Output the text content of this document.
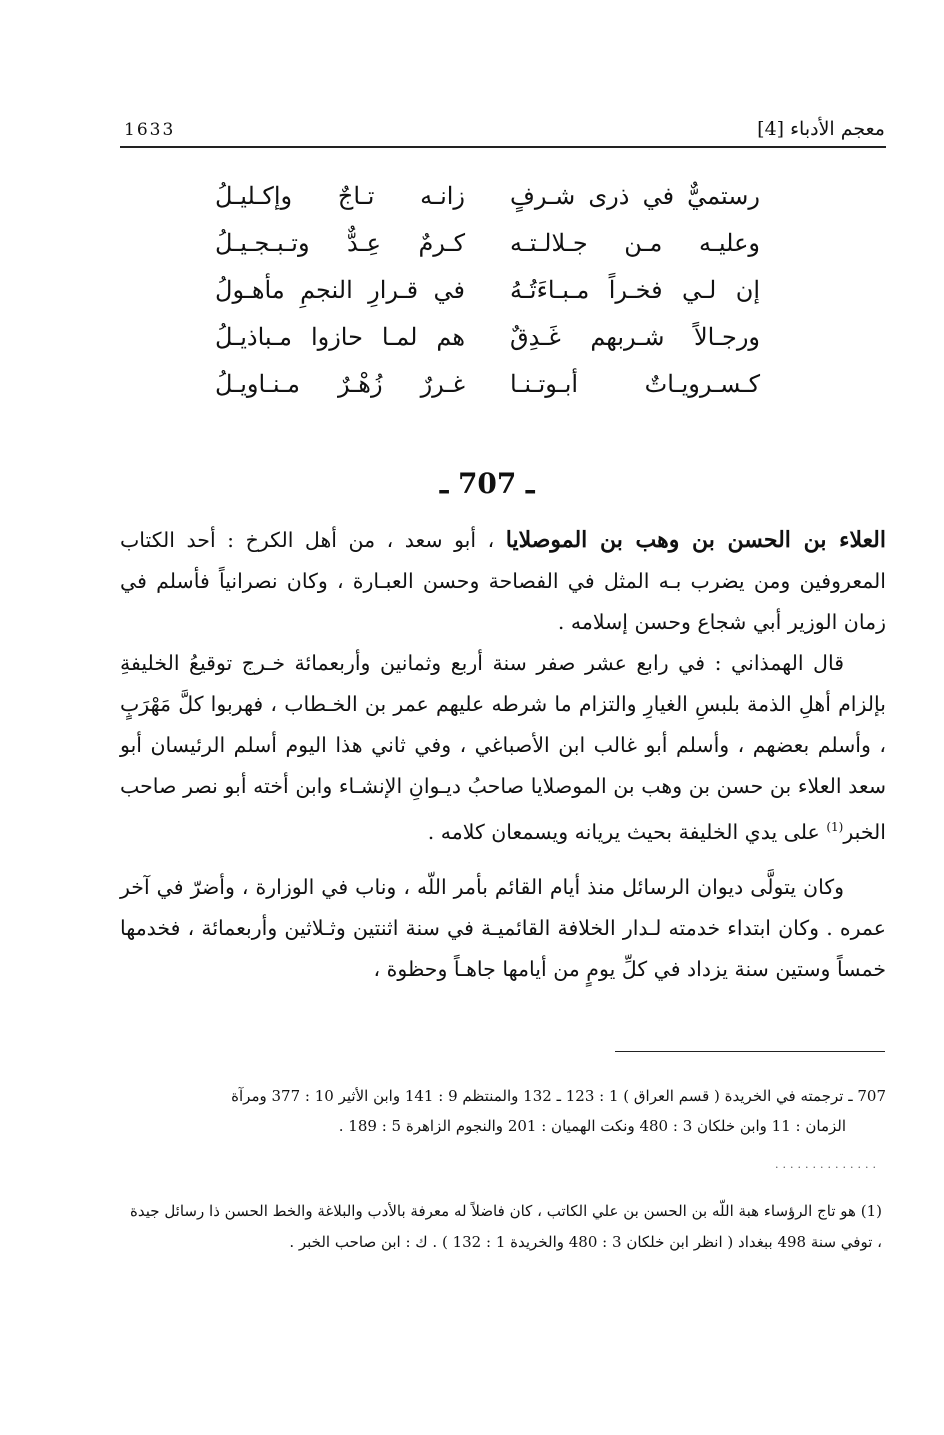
1633	معجم الأدباء [4]
رستميٌّ في ذرى شـرفٍ
زانـه تـاجٌ وإكـليـلُ
وعليـه مـن جـلالـتـه
كـرمٌ عِـدٌّ وتـبـجـيـلُ
إن لـي فخـراً مـبـاءَتُـهُ
في قـرارِ النجمِ مأهـولُ
ورجـالاً شـربهم غَـدِقٌ
هم لمـا حازوا مـباذيـلُ
كـسـرويـاتٌ أبـوتـنـا
غـررٌ زُهْـرٌ مـنـاويـلُ
ـ 707 ـ

العلاء بن الحسن بن وهب بن الموصلايا ، أبو سعد ، من أهل الكرخ : أحد الكتاب المعروفين ومن يضرب بـه المثل في الفصاحة وحسن العبـارة ، وكان نصرانياً فأسلم في زمان الوزير أبي شجاع وحسن إسلامه .

قال الهمذاني : في رابع عشر صفر سنة أربع وثمانين وأربعمائة خـرج توقيعُ الخليفةِ بإلزام أهلِ الذمة بلبسِ الغيارِ والتزام ما شرطه عليهم عمر بن الخـطاب ، فهربوا كلَّ مَهْرَبٍ ، وأسلم بعضهم ، وأسلم أبو غالب ابن الأصباغي ، وفي ثاني هذا اليوم أسلم الرئيسان أبو سعد العلاء بن حسن بن وهب بن الموصلايا صاحبُ ديـوانِ الإنشـاء وابن أخته أبو نصر صاحب الخبر$^{(1)}$ على يدي الخليفة بحيث يريانه ويسمعان كلامه .

وكان يتولَّى ديوان الرسائل منذ أيام القائم بأمر اللّه ، وناب في الوزارة ، وأضرّ في آخر عمره . وكان ابتداء خدمته لـدار الخلافة القائميـة في سنة اثنتين وثـلاثين وأربعمائة ، فخدمها خمساً وستين سنة يزداد في كلِّ يومٍ من أيامها جاهـاً وحظوة ،

707 ـ ترجمته في الخريدة ( قسم العراق ) 1 : 123 ـ 132 والمنتظم 9 : 141 وابن الأثير 10 : 377 ومرآة

الزمان : 11 وابن خلكان 3 : 480 ونكت الهميان : 201 والنجوم الزاهرة 5 : 189 .

..............

(1) هو تاج الرؤساء هبة اللّه بن الحسن بن علي الكاتب ، كان فاضلاً له معرفة بالأدب والبلاغة والخط الحسن ذا رسائل جيدة ، توفي سنة 498 ببغداد ( انظر ابن خلكان 3 : 480 والخريدة 1 : 132 ) . ك : ابن صاحب الخبر .
